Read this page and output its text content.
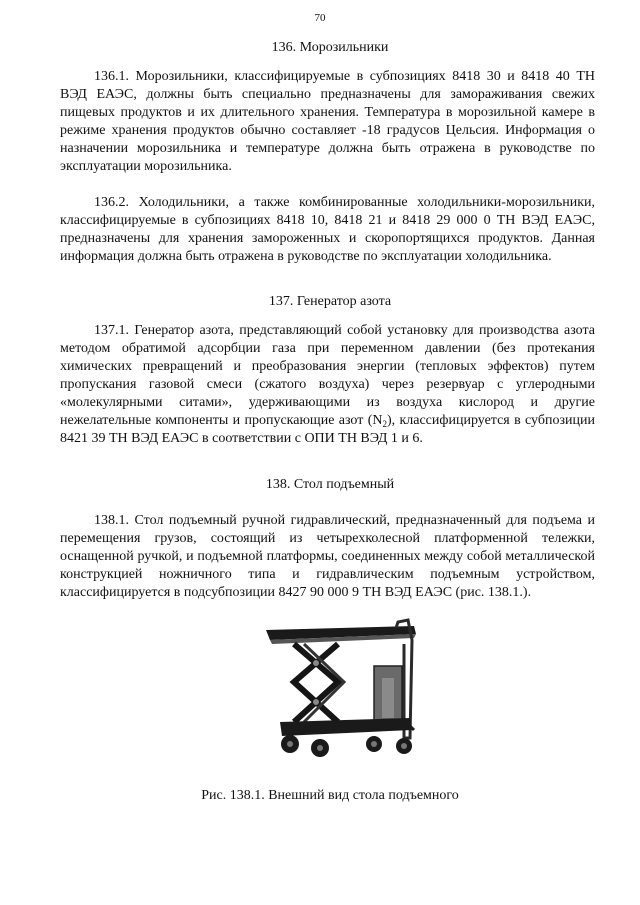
70
136. Морозильники
136.1. Морозильники, классифицируемые в субпозициях 8418 30 и 8418 40 ТН ВЭД ЕАЭС, должны быть специально предназначены для замораживания свежих пищевых продуктов и их длительного хранения. Температура в морозильной камере в режиме хранения продуктов обычно составляет -18 градусов Цельсия. Информация о назначении морозильника и температуре должна быть отражена в руководстве по эксплуатации морозильника.
136.2. Холодильники, а также комбинированные холодильники-морозильники, классифицируемые в субпозициях 8418 10, 8418 21 и 8418 29 000 0 ТН ВЭД ЕАЭС, предназначены для хранения замороженных и скоропортящихся продуктов. Данная информация должна быть отражена в руководстве по эксплуатации холодильника.
137. Генератор азота
137.1. Генератор азота, представляющий собой установку для производства азота методом обратимой адсорбции газа при переменном давлении (без протекания химических превращений и преобразования энергии (тепловых эффектов) путем пропускания газовой смеси (сжатого воздуха) через резервуар с углеродными «молекулярными ситами», удерживающими из воздуха кислород и другие нежелательные компоненты и пропускающие азот $(N_2)$, классифицируется в субпозиции 8421 39 ТН ВЭД ЕАЭС в соответствии с ОПИ ТН ВЭД 1 и 6.
138. Стол подъемный
138.1. Стол подъемный ручной гидравлический, предназначенный для подъема и перемещения грузов, состоящий из четырехколесной платформенной тележки, оснащенной ручкой, и подъемной платформы, соединенных между собой металлической конструкцией ножничного типа и гидравлическим подъемным устройством, классифицируется в подсубпозиции 8427 90 000 9 ТН ВЭД ЕАЭС (рис. 138.1.).
Рис. 138.1. Внешний вид стола подъемного
